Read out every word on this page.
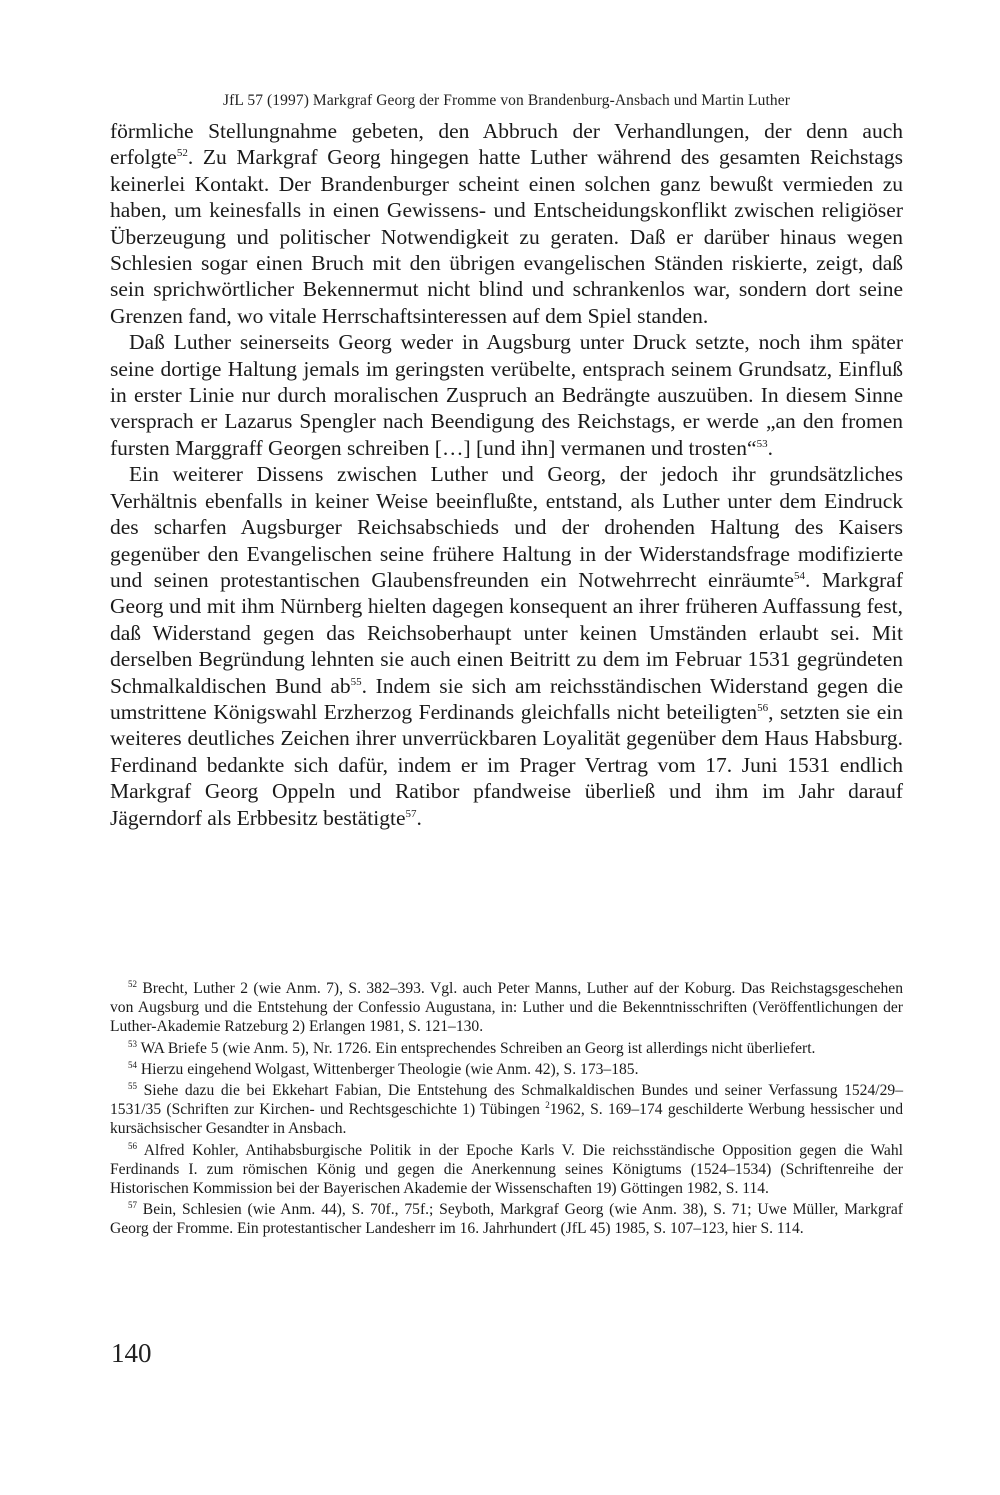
JfL 57 (1997) Markgraf Georg der Fromme von Brandenburg-Ansbach und Martin Luther

förmliche Stellungnahme gebeten, den Abbruch der Verhandlungen, der denn auch erfolgte$^{52}$. Zu Markgraf Georg hingegen hatte Luther während des gesamten Reichstags keinerlei Kontakt. Der Brandenburger scheint einen solchen ganz bewußt vermieden zu haben, um keinesfalls in einen Gewissens- und Entscheidungskonflikt zwischen religiöser Überzeugung und politischer Notwendigkeit zu geraten. Daß er darüber hinaus wegen Schlesien sogar einen Bruch mit den übrigen evangelischen Ständen riskierte, zeigt, daß sein sprichwörtlicher Bekennermut nicht blind und schrankenlos war, sondern dort seine Grenzen fand, wo vitale Herrschaftsinteressen auf dem Spiel standen.

Daß Luther seinerseits Georg weder in Augsburg unter Druck setzte, noch ihm später seine dortige Haltung jemals im geringsten verübelte, entsprach seinem Grundsatz, Einfluß in erster Linie nur durch moralischen Zuspruch an Bedrängte auszuüben. In diesem Sinne versprach er Lazarus Spengler nach Beendigung des Reichstags, er werde „an den fromen fursten Marggraff Georgen schreiben […] [und ihn] vermanen und trosten“$^{53}$.

Ein weiterer Dissens zwischen Luther und Georg, der jedoch ihr grundsätzliches Verhältnis ebenfalls in keiner Weise beeinflußte, entstand, als Luther unter dem Eindruck des scharfen Augsburger Reichsabschieds und der drohenden Haltung des Kaisers gegenüber den Evangelischen seine frühere Haltung in der Widerstandsfrage modifizierte und seinen protestantischen Glaubensfreunden ein Notwehrrecht einräumte$^{54}$. Markgraf Georg und mit ihm Nürnberg hielten dagegen konsequent an ihrer früheren Auffassung fest, daß Widerstand gegen das Reichsoberhaupt unter keinen Umständen erlaubt sei. Mit derselben Begründung lehnten sie auch einen Beitritt zu dem im Februar 1531 gegründeten Schmalkaldischen Bund $ab^{55}$. Indem sie sich am reichsständischen Widerstand gegen die umstrittene Königswahl Erzherzog Ferdinands gleichfalls nicht beteiligten$^{56}$, setzten sie ein weiteres deutliches Zeichen ihrer unverrückbaren Loyalität gegenüber dem Haus Habsburg. Ferdinand bedankte sich dafür, indem er im Prager Vertrag vom 17. Juni 1531 endlich Markgraf Georg Oppeln und Ratibor pfandweise überließ und ihm im Jahr darauf Jägerndorf als Erbbesitz bestätigte$^{57}$.

$^{52}$ Brecht, Luther 2 (wie Anm. 7), S. 382–393. Vgl. auch Peter Manns, Luther auf der Koburg. Das Reichstagsgeschehen von Augsburg und die Entstehung der Confessio Augustana, in: Luther und die Bekenntnisschriften (Veröffentlichungen der Luther-Akademie Ratzeburg 2) Erlangen 1981, S. 121–130.

$^{53}$ WA Briefe 5 (wie Anm. 5), Nr. 1726. Ein entsprechendes Schreiben an Georg ist allerdings nicht überliefert.

$^{54}$ Hierzu eingehend Wolgast, Wittenberger Theologie (wie Anm. 42), S. 173–185.

$^{55}$ Siehe dazu die bei Ekkehart Fabian, Die Entstehung des Schmalkaldischen Bundes und seiner Verfassung 1524/29–1531/35 (Schriften zur Kirchen- und Rechtsgeschichte 1) Tübingen $^2$1962, S. 169–174 geschilderte Werbung hessischer und kursächsischer Gesandter in Ansbach.

$^{56}$ Alfred Kohler, Antihabsburgische Politik in der Epoche Karls V. Die reichsständische Opposition gegen die Wahl Ferdinands I. zum römischen König und gegen die Anerkennung seines Königtums (1524–1534) (Schriftenreihe der Historischen Kommission bei der Bayerischen Akademie der Wissenschaften 19) Göttingen 1982, S. 114.

$^{57}$ Bein, Schlesien (wie Anm. 44), S. 70f., 75f.; Seyboth, Markgraf Georg (wie Anm. 38), S. 71; Uwe Müller, Markgraf Georg der Fromme. Ein protestantischer Landesherr im 16. Jahrhundert (JfL 45) 1985, S. 107–123, hier S. 114.

140
